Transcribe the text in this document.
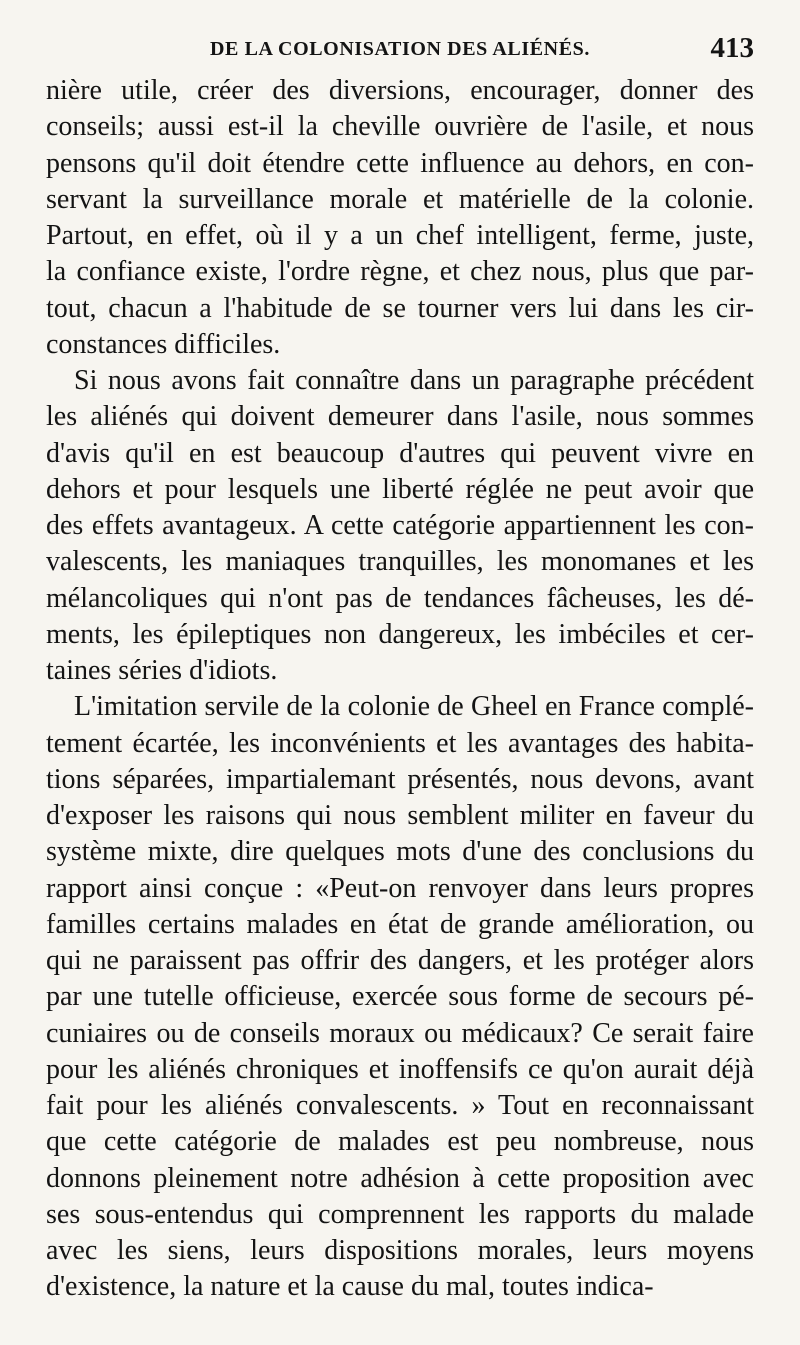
DE LA COLONISATION DES ALIÉNÉS.	413
nière utile, créer des diversions, encourager, donner des
conseils; aussi est-il la cheville ouvrière de l'asile, et nous
pensons qu'il doit étendre cette influence au dehors, en con-
servant la surveillance morale et matérielle de la colonie.
Partout, en effet, où il y a un chef intelligent, ferme, juste,
la confiance existe, l'ordre règne, et chez nous, plus que par-
tout, chacun a l'habitude de se tourner vers lui dans les cir-
constances difficiles.
Si nous avons fait connaître dans un paragraphe précédent
les aliénés qui doivent demeurer dans l'asile, nous sommes
d'avis qu'il en est beaucoup d'autres qui peuvent vivre en
dehors et pour lesquels une liberté réglée ne peut avoir que
des effets avantageux. A cette catégorie appartiennent les con-
valescents, les maniaques tranquilles, les monomanes et les
mélancoliques qui n'ont pas de tendances fâcheuses, les dé-
ments, les épileptiques non dangereux, les imbéciles et cer-
taines séries d'idiots.
L'imitation servile de la colonie de Gheel en France complé-
tement écartée, les inconvénients et les avantages des habita-
tions séparées, impartialemant présentés, nous devons, avant
d'exposer les raisons qui nous semblent militer en faveur du
système mixte, dire quelques mots d'une des conclusions du
rapport ainsi conçue : «Peut-on renvoyer dans leurs propres
familles certains malades en état de grande amélioration, ou
qui ne paraissent pas offrir des dangers, et les protéger alors
par une tutelle officieuse, exercée sous forme de secours pé-
cuniaires ou de conseils moraux ou médicaux? Ce serait faire
pour les aliénés chroniques et inoffensifs ce qu'on aurait déjà
fait pour les aliénés convalescents. » Tout en reconnaissant
que cette catégorie de malades est peu nombreuse, nous
donnons pleinement notre adhésion à cette proposition avec
ses sous-entendus qui comprennent les rapports du malade
avec les siens, leurs dispositions morales, leurs moyens
d'existence, la nature et la cause du mal, toutes indica-
